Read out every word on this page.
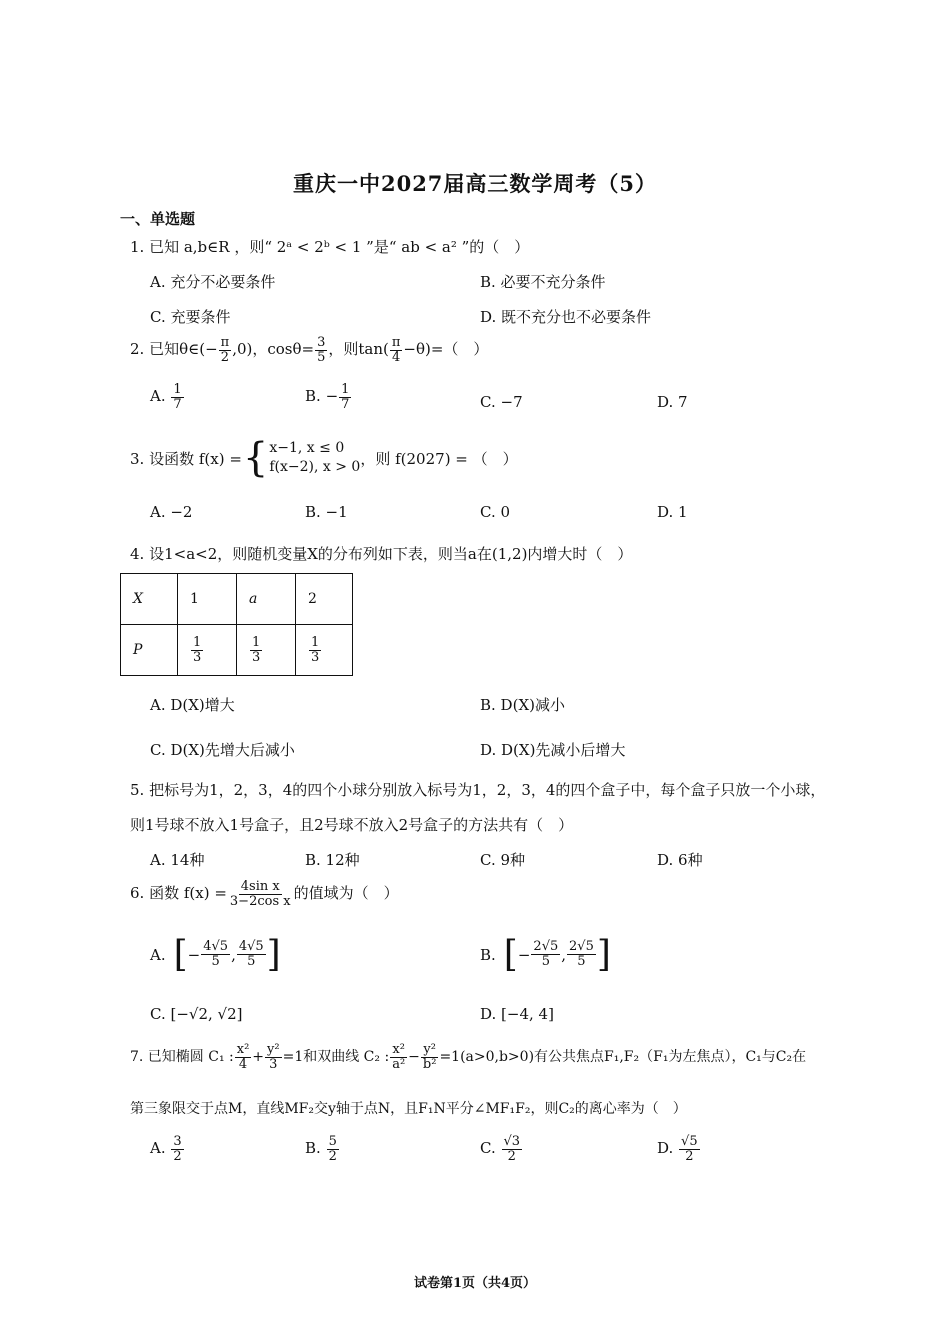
重庆一中2027届高三数学周考（5）
一、单选题
1. 已知 a,b∈R ，则“ 2ᵃ < 2ᵇ < 1 ”是“ ab < a² ”的（　）
A. 充分不必要条件	B. 必要不充分条件
C. 充要条件	D. 既不充分也不必要条件
2. 已知θ∈(− $\frac{\pi}{2} ,0$)，$\cos\theta= \frac{3}{5}$ ，则$\tan( \frac{\pi}{4} -\theta)=$（　）
A. $\frac{1}{7}$	B. − $\frac{1}{7}$	C. −7	D. 7
3. 设函数 f(x) = { x−1, x ≤ 0
f(x−2), x > 0 ，则 f(2027) = （　）
A. −2	B. −1	C. 0	D. 1
4. 设1<a<2，则随机变量X的分布列如下表，则当a在(1,2)内增大时（　）
X	1	a	2
P	$\frac{1}{3}$	$\frac{1}{3}$	$\frac{1}{3}$
A. D(X)增大	B. D(X)减小
C. D(X)先增大后减小	D. D(X)先减小后增大
5. 把标号为1，2，3，4的四个小球分别放入标号为1，2，3，4的四个盒子中，每个盒子只放一个小球，
则1号球不放入1号盒子，且2号球不放入2号盒子的方法共有（　）
A. 14种	B. 12种	C. 9种	D. 6种
6. 函数 $f(x) = \frac{\text{4sin x}}{\text{3−2cos x}}$ 的值域为（　）
A. [ − $\frac{4√5}{5}$ , $\frac{4√5}{5}$ ]	B. [ − $\frac{2√5}{5}$ , $\frac{2√5}{5}$ ]
C. [−√2, √2]	D. [−4, 4]
7. 已知椭圆 C₁ : $\frac{\text{x²}}{4} + \frac{\text{y²}}{3} =1$和双曲线 C₂ : $\frac{\text{x²}}{\text{a²}} - \frac{\text{y²}}{\text{b²}} =1(a>0,b>0)$有公共焦点F₁,F₂（F₁为左焦点），C₁与C₂在
第三象限交于点M，直线MF₂交y轴于点N，且F₁N平分∠MF₁F₂，则C₂的离心率为（　）
A. $\frac{3}{2}$	B. $\frac{5}{2}$	C. $\frac{√3}{2}$	D. $\frac{√5}{2}$
试卷第1页（共4页）
